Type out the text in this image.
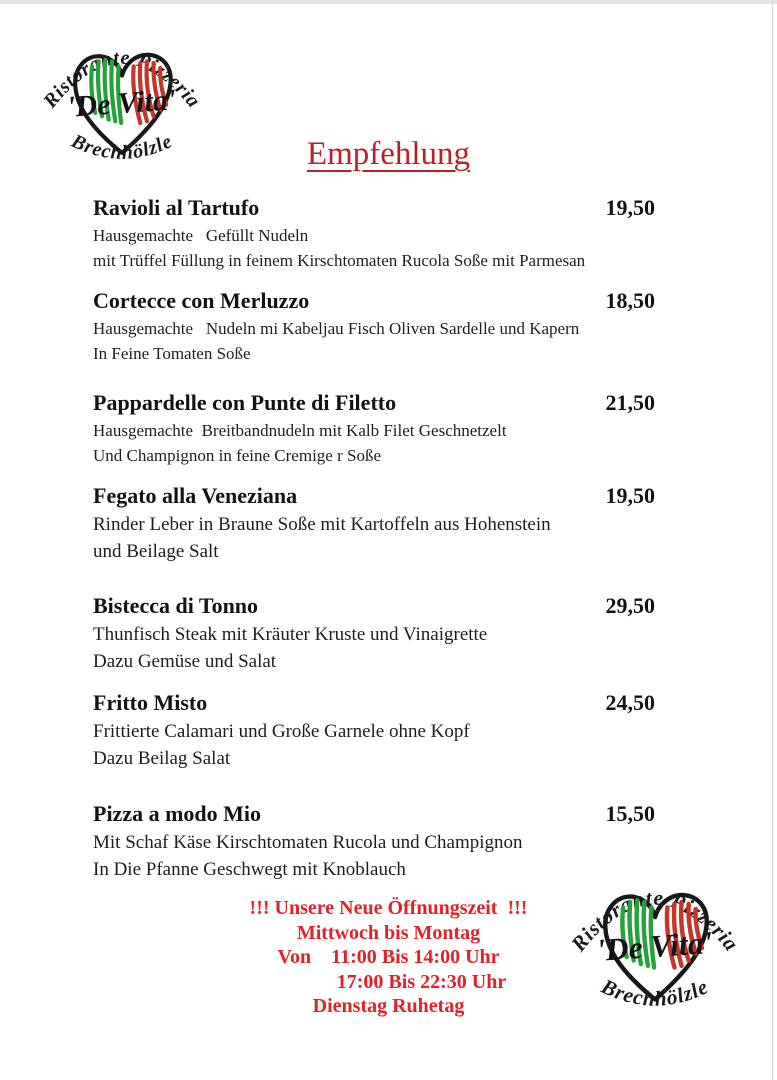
Ristorante Pizzeria
'De Vita'
Brechhölzle	Empfehlung
Ravioli al Tartufo	19,50
Hausgemachte   Gefüllt Nudeln
mit Trüffel Füllung in feinem Kirschtomaten Rucola Soße mit Parmesan
Cortecce con Merluzzo	18,50
Hausgemachte   Nudeln mi Kabeljau Fisch Oliven Sardelle und Kapern
In Feine Tomaten Soße
Pappardelle con Punte di Filetto	21,50
Hausgemachte  Breitbandnudeln mit Kalb Filet Geschnetzelt
Und Champignon in feine Cremige r Soße
Fegato alla Veneziana	19,50
Rinder Leber in Braune Soße mit Kartoffeln aus Hohenstein
und Beilage Salt
Bistecca di Tonno	29,50
Thunfisch Steak mit Kräuter Kruste und Vinaigrette
Dazu Gemüse und Salat
Fritto Misto	24,50
Frittierte Calamari und Große Garnele ohne Kopf
Dazu Beilag Salat
Pizza a modo Mio	15,50
Mit Schaf Käse Kirschtomaten Rucola und Champignon
In Die Pfanne Geschwegt mit Knoblauch
!!! Unsere Neue Öffnungszeit  !!!
Mittwoch bis Montag
Von    11:00 Bis 14:00 Uhr
17:00 Bis 22:30 Uhr
Dienstag Ruhetag
Ristorante Pizzeria
'De Vita'
Brechhölzle
